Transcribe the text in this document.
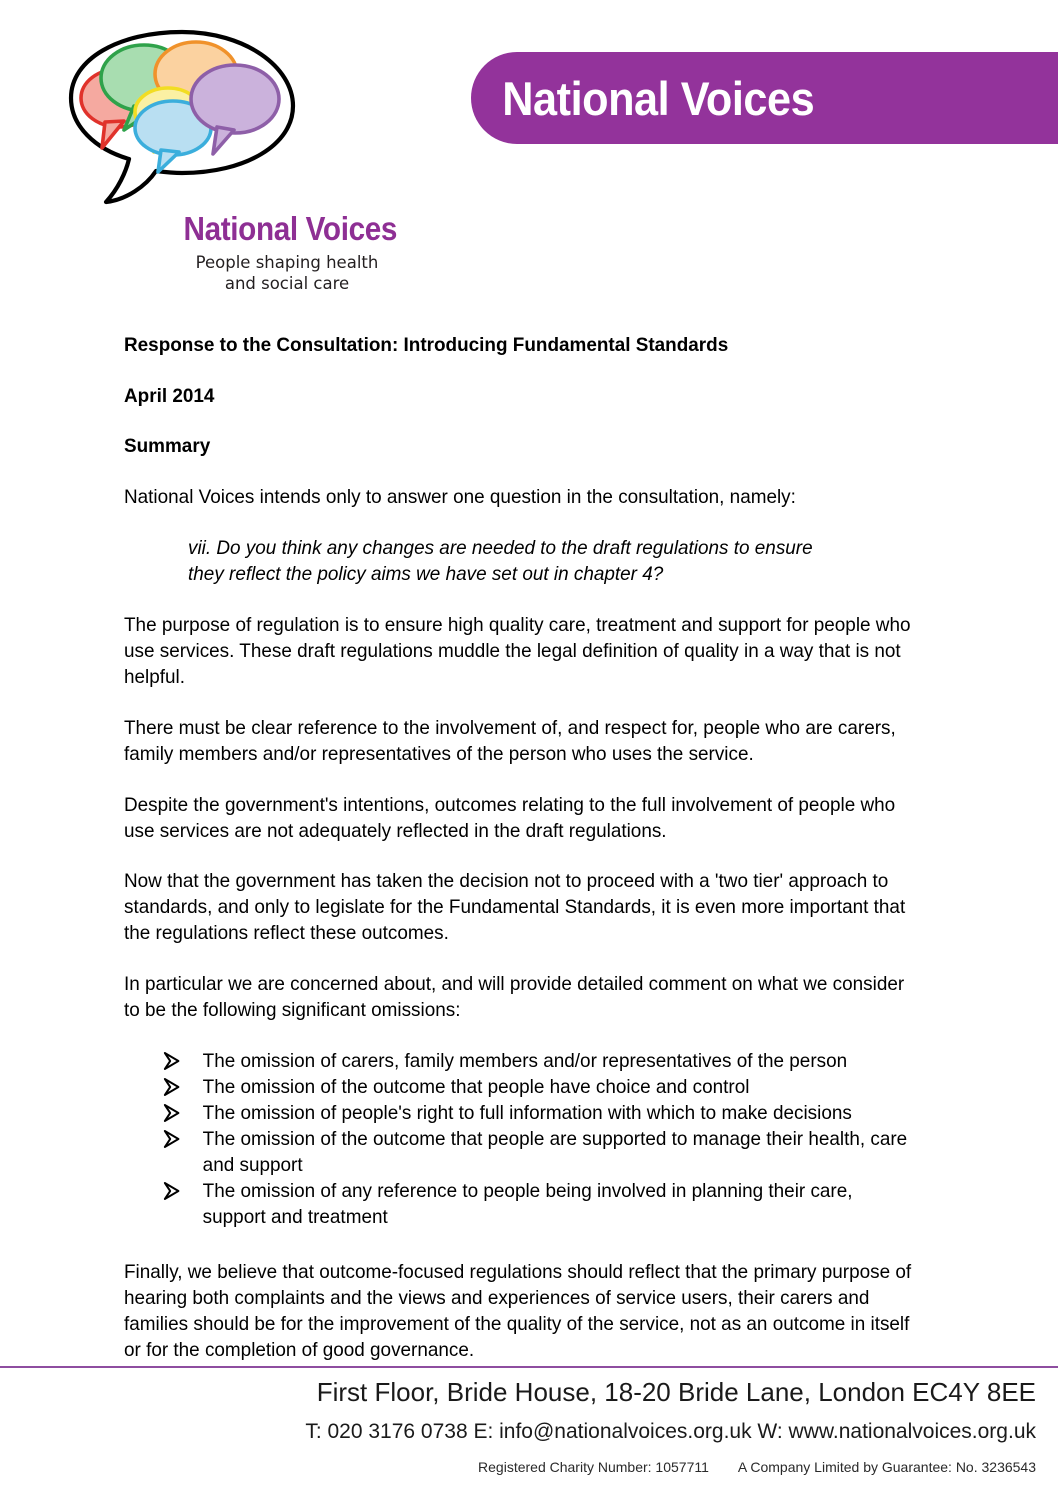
National Voices
People shaping health
and social care
National Voices
Response to the Consultation: Introducing Fundamental Standards
April 2014
Summary
National Voices intends only to answer one question in the consultation, namely:
vii. Do you think any changes are needed to the draft regulations to ensure they reflect the policy aims we have set out in chapter 4?
The purpose of regulation is to ensure high quality care, treatment and support for people who use services. These draft regulations muddle the legal definition of quality in a way that is not helpful.
There must be clear reference to the involvement of, and respect for, people who are carers, family members and/or representatives of the person who uses the service.
Despite the government's intentions, outcomes relating to the full involvement of people who use services are not adequately reflected in the draft regulations.
Now that the government has taken the decision not to proceed with a 'two tier' approach to standards, and only to legislate for the Fundamental Standards, it is even more important that the regulations reflect these outcomes.
In particular we are concerned about, and will provide detailed comment on what we consider to be the following significant omissions:
The omission of carers, family members and/or representatives of the person
The omission of the outcome that people have choice and control
The omission of people's right to full information with which to make decisions
The omission of the outcome that people are supported to manage their health, care and support
The omission of any reference to people being involved in planning their care, support and treatment
Finally, we believe that outcome-focused regulations should reflect that the primary purpose of hearing both complaints and the views and experiences of service users, their carers and families should be for the improvement of the quality of the service, not as an outcome in itself or for the completion of good governance.
First Floor, Bride House, 18-20 Bride Lane, London EC4Y 8EE
T: 020 3176 0738 E: info@nationalvoices.org.uk W: www.nationalvoices.org.uk
Registered Charity Number: 1057711 A Company Limited by Guarantee: No. 3236543
